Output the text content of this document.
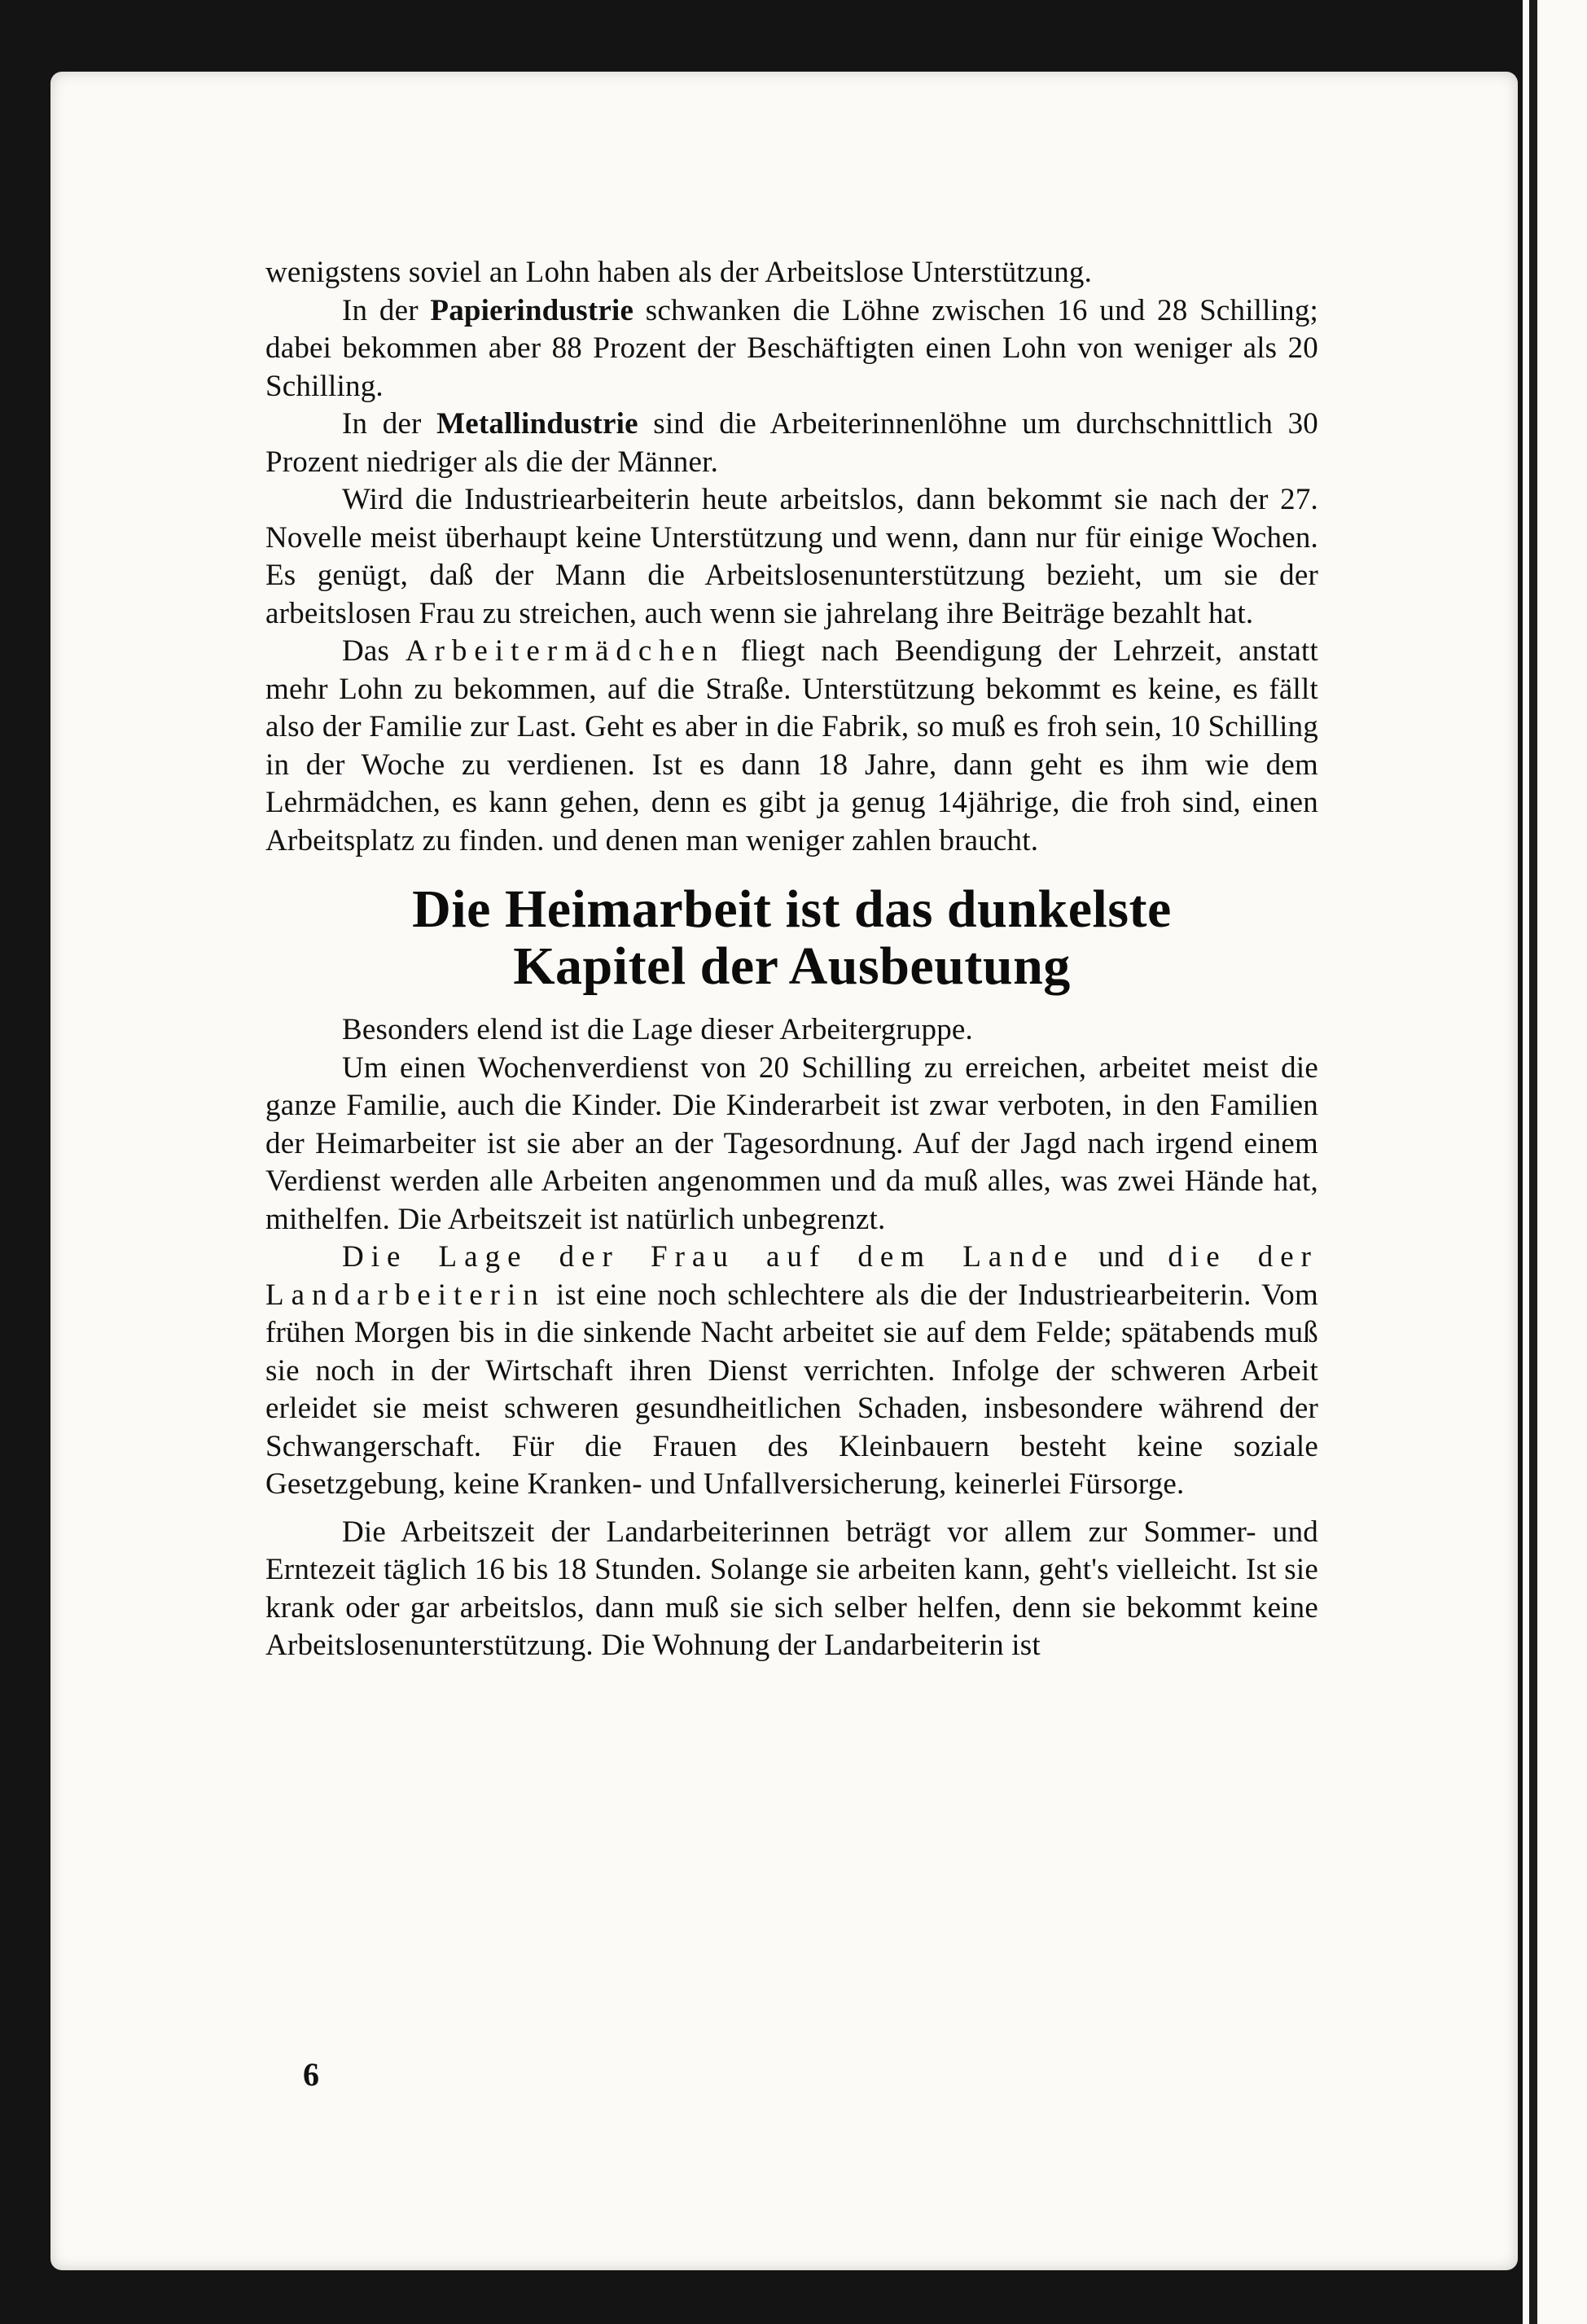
wenigstens soviel an Lohn haben als der Arbeitslose Unterstützung.

In der Papierindustrie schwanken die Löhne zwischen 16 und 28 Schilling; dabei bekommen aber 88 Prozent der Beschäftigten einen Lohn von weniger als 20 Schilling.

In der Metallindustrie sind die Arbeiterinnenlöhne um durchschnittlich 30 Prozent niedriger als die der Männer.

Wird die Industriearbeiterin heute arbeitslos, dann bekommt sie nach der 27. Novelle meist überhaupt keine Unterstützung und wenn, dann nur für einige Wochen. Es genügt, daß der Mann die Arbeitslosenunterstützung bezieht, um sie der arbeitslosen Frau zu streichen, auch wenn sie jahrelang ihre Beiträge bezahlt hat.

Das Arbeitermädchen fliegt nach Beendigung der Lehrzeit, anstatt mehr Lohn zu bekommen, auf die Straße. Unterstützung bekommt es keine, es fällt also der Familie zur Last. Geht es aber in die Fabrik, so muß es froh sein, 10 Schilling in der Woche zu verdienen. Ist es dann 18 Jahre, dann geht es ihm wie dem Lehrmädchen, es kann gehen, denn es gibt ja genug 14jährige, die froh sind, einen Arbeitsplatz zu finden. und denen man weniger zahlen braucht.

Die Heimarbeit ist das dunkelste
Kapitel der Ausbeutung

Besonders elend ist die Lage dieser Arbeitergruppe.

Um einen Wochenverdienst von 20 Schilling zu erreichen, arbeitet meist die ganze Familie, auch die Kinder. Die Kinderarbeit ist zwar verboten, in den Familien der Heimarbeiter ist sie aber an der Tagesordnung. Auf der Jagd nach irgend einem Verdienst werden alle Arbeiten angenommen und da muß alles, was zwei Hände hat, mithelfen. Die Arbeitszeit ist natürlich unbegrenzt.

Die Lage der Frau auf dem Lande und die der Landarbeiterin ist eine noch schlechtere als die der Industriearbeiterin. Vom frühen Morgen bis in die sinkende Nacht arbeitet sie auf dem Felde; spätabends muß sie noch in der Wirtschaft ihren Dienst verrichten. Infolge der schweren Arbeit erleidet sie meist schweren gesundheitlichen Schaden, insbesondere während der Schwangerschaft. Für die Frauen des Kleinbauern besteht keine soziale Gesetzgebung, keine Kranken- und Unfallversicherung, keinerlei Fürsorge.

Die Arbeitszeit der Landarbeiterinnen beträgt vor allem zur Sommer- und Erntezeit täglich 16 bis 18 Stunden. Solange sie arbeiten kann, geht's vielleicht. Ist sie krank oder gar arbeitslos, dann muß sie sich selber helfen, denn sie bekommt keine Arbeitslosenunterstützung. Die Wohnung der Landarbeiterin ist

6
